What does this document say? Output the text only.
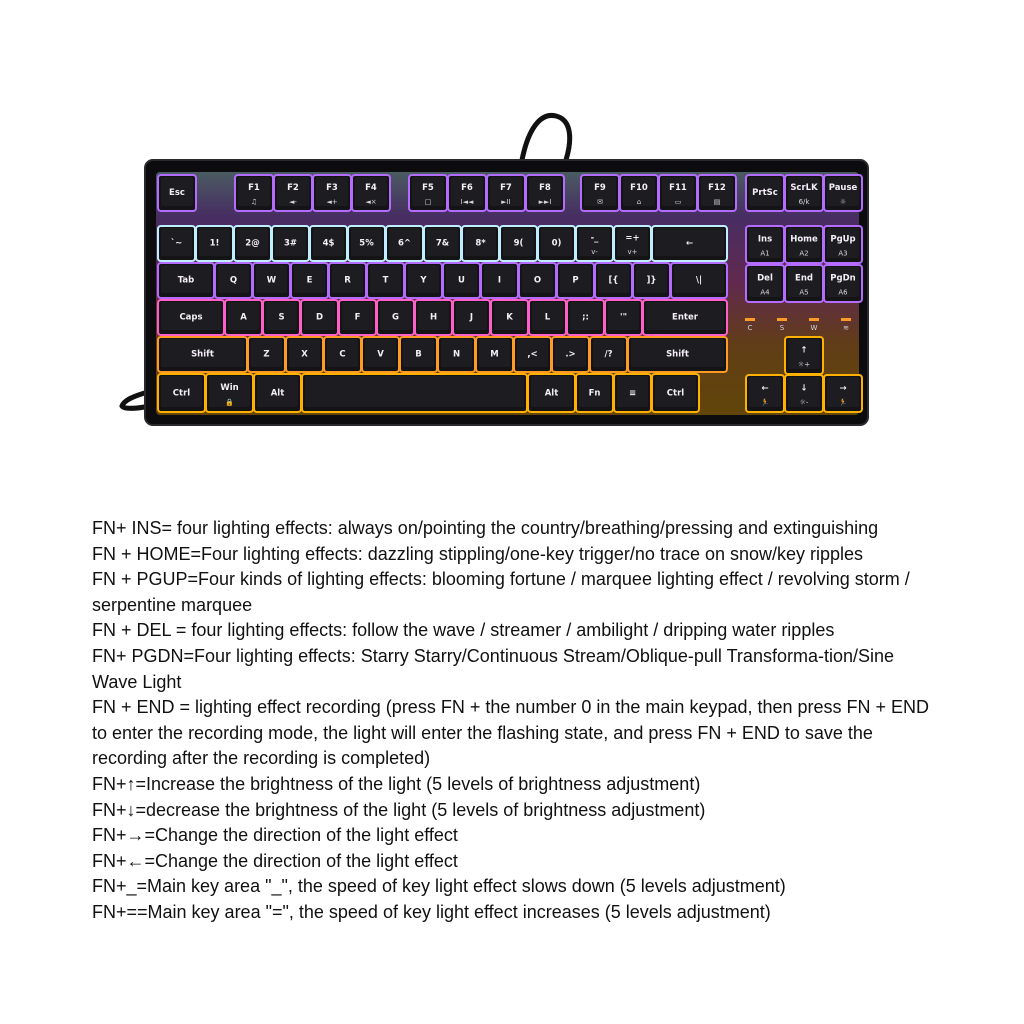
Esc
F1
♫
F2
◄-
F3
◄+
F4
◄×
F5
□
F6
I◄◄
F7
►II
F8
►►I
F9
✉
F10
⌂
F11
▭
F12
▤
PrtSc
ScrLK
6/k
Pause
☼
`~	1!	2@	3#	4$	5%	6^	7&	8*	9(	0)	-_
v-
=+
v+
←
Tab	Q	W	E	R	T	Y	U	I	O	P	[{	]}	\|
Caps	A	S	D	F	G	H	J	K	L	;:	'"	Enter
Shift	Z	X	C	V	B	N	M	,<	.>	/?	Shift
Ctrl
Win
🔒
Alt	Alt	Fn	≡	Ctrl
Ins
A1
Home
A2
PgUp
A3
Del
A4
End
A5
PgDn
A6
C	S	W	≋
↑
☼+
←
🏃
↓
☼-
→
🏃

FN+ INS= four lighting effects: always on/pointing the country/breathing/pressing and extinguishing

FN + HOME=Four lighting effects: dazzling stippling/one-key trigger/no trace on snow/key ripples

FN + PGUP=Four kinds of lighting effects: blooming fortune / marquee lighting effect / revolving storm / serpentine marquee

FN + DEL = four lighting effects: follow the wave / streamer / ambilight / dripping water ripples

FN+ PGDN=Four lighting effects: Starry Starry/Continuous Stream/Oblique-pull Transforma-tion/Sine Wave Light

FN + END = lighting effect recording (press FN + the number 0 in the main keypad, then press FN + END to enter the recording mode, the light will enter the flashing state, and press FN + END to save the recording after the recording is completed)

FN+↑=Increase the brightness of the light (5 levels of brightness adjustment)

FN+↓=decrease the brightness of the light (5 levels of brightness adjustment)

FN+→=Change the direction of the light effect

FN+←=Change the direction of the light effect

FN+_=Main key area "_", the speed of key light effect slows down (5 levels adjustment)

FN+==Main key area "=", the speed of key light effect increases (5 levels adjustment)
